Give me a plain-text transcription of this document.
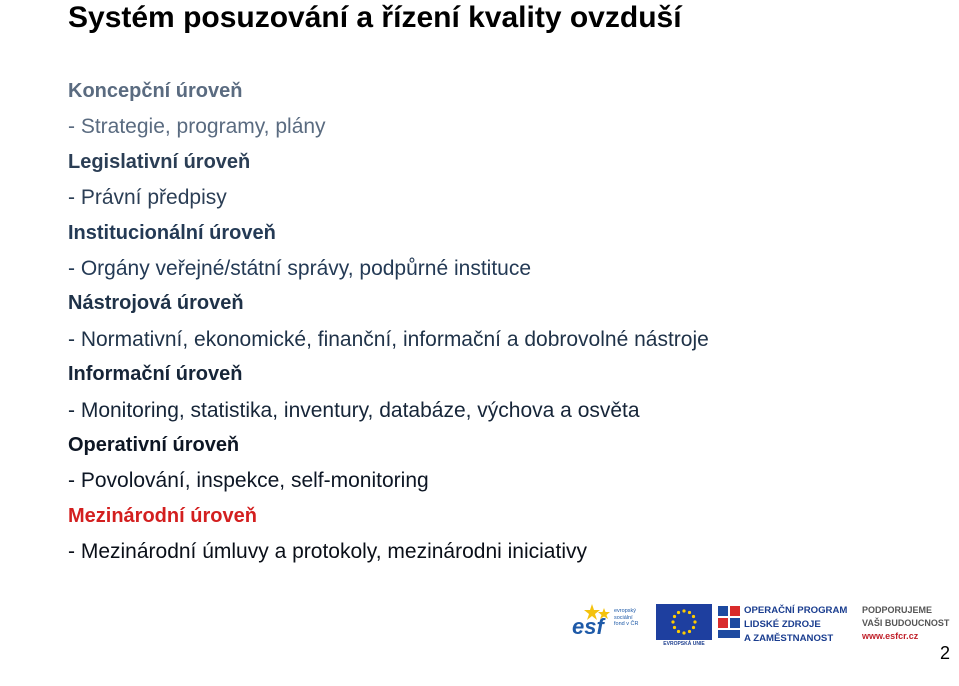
Systém posuzování a řízení kvality ovzduší
Koncepční úroveň
- Strategie, programy, plány
Legislativní úroveň
- Právní předpisy
Institucionální úroveň
- Orgány veřejné/státní správy, podpůrné instituce
Nástrojová úroveň
- Normativní, ekonomické, finanční, informační a dobrovolné nástroje
Informační úroveň
- Monitoring, statistika, inventury, databáze, výchova a osvěta
Operativní úroveň
- Povolování, inspekce, self-monitoring
Mezinárodní úroveň
- Mezinárodní úmluvy a protokoly, mezinárodni iniciativy
esf
evropský
sociální
fond v ČR
EVROPSKÁ UNIE
OPERAČNÍ PROGRAM
LIDSKÉ ZDROJE
A ZAMĚSTNANOST
PODPORUJEME
VAŠI BUDOUCNOST
www.esfcr.cz
2
